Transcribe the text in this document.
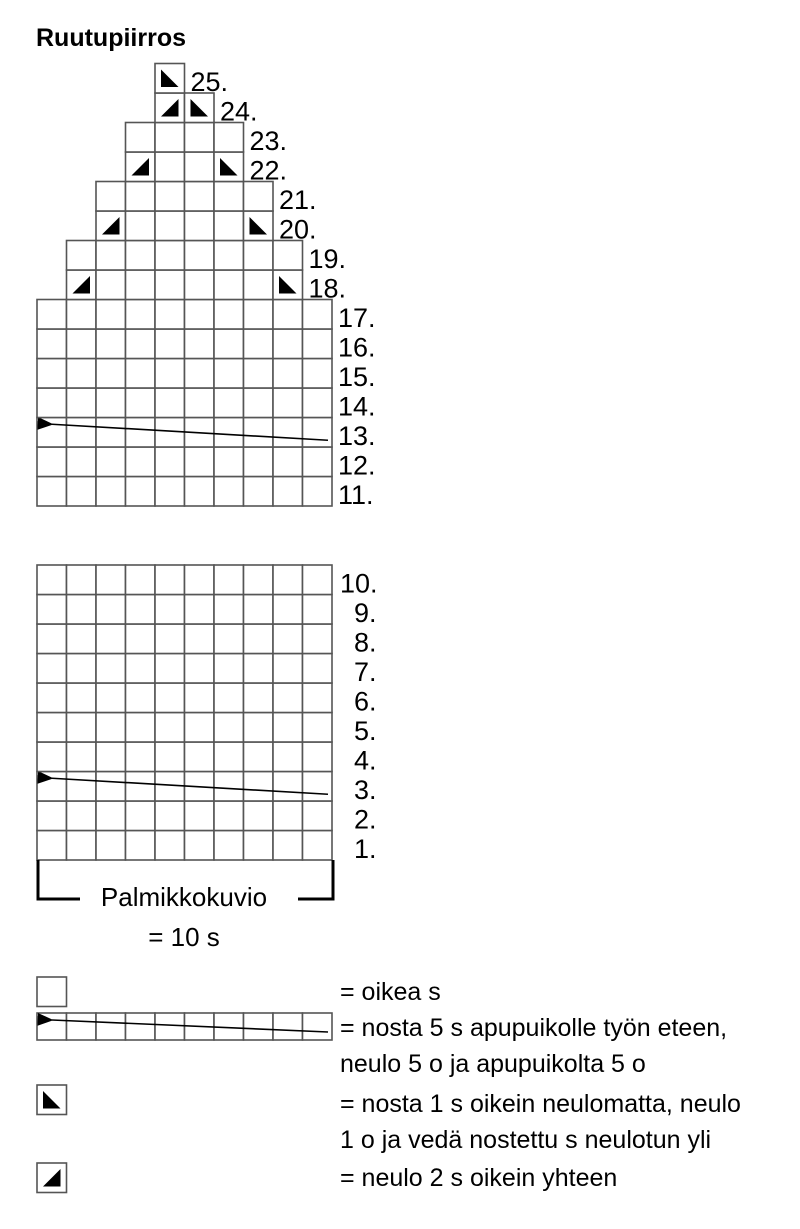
Ruutupiirros
11.
12.
13.
14.
15.
16.
17.
18.
19.
20.
21.
22.
23.
24.
25.
1.
2.
3.
4.
5.
6.
7.
8.
9.
10.
Palmikkokuvio
= 10 s
= oikea s
= nosta 5 s apupuikolle työn eteen,
neulo 5 o ja apupuikolta 5 o
= nosta 1 s oikein neulomatta, neulo
1 o ja vedä nostettu s neulotun yli
= neulo 2 s oikein yhteen
